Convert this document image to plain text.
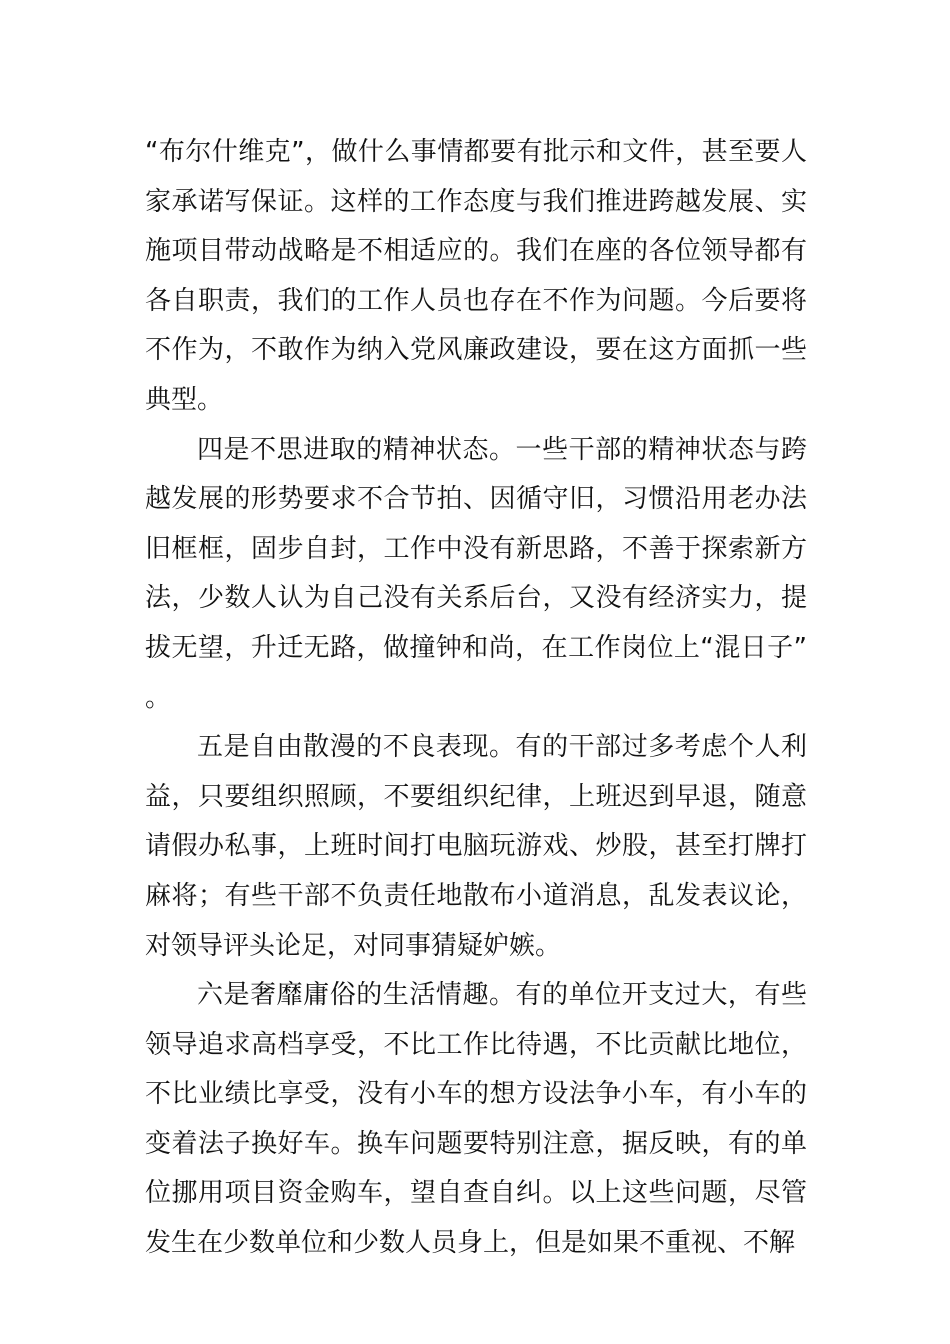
“布尔什维克”，做什么事情都要有批示和文件，甚至要人家承诺写保证。这样的工作态度与我们推进跨越发展、实施项目带动战略是不相适应的。我们在座的各位领导都有各自职责，我们的工作人员也存在不作为问题。今后要将不作为，不敢作为纳入党风廉政建设，要在这方面抓一些典型。

四是不思进取的精神状态。一些干部的精神状态与跨越发展的形势要求不合节拍、因循守旧，习惯沿用老办法旧框框，固步自封，工作中没有新思路，不善于探索新方法，少数人认为自己没有关系后台，又没有经济实力，提拔无望，升迁无路，做撞钟和尚，在工作岗位上“混日子”。

五是自由散漫的不良表现。有的干部过多考虑个人利益，只要组织照顾，不要组织纪律，上班迟到早退，随意请假办私事，上班时间打电脑玩游戏、炒股，甚至打牌打麻将；有些干部不负责任地散布小道消息，乱发表议论，对领导评头论足，对同事猜疑妒嫉。

六是奢靡庸俗的生活情趣。有的单位开支过大，有些领导追求高档享受，不比工作比待遇，不比贡献比地位，不比业绩比享受，没有小车的想方设法争小车，有小车的变着法子换好车。换车问题要特别注意，据反映，有的单位挪用项目资金购车，望自查自纠。以上这些问题，尽管发生在少数单位和少数人员身上，但是如果不重视、不解
